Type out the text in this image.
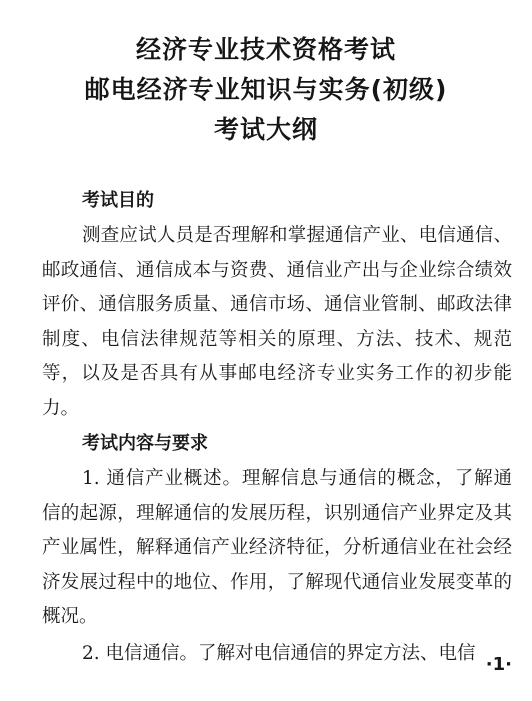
经济专业技术资格考试
邮电经济专业知识与实务(初级)
考试大纲
考试目的

测查应试人员是否理解和掌握通信产业、电信通信、邮政通信、通信成本与资费、通信业产出与企业综合绩效评价、通信服务质量、通信市场、通信业管制、邮政法律制度、电信法律规范等相关的原理、方法、技术、规范等，以及是否具有从事邮电经济专业实务工作的初步能力。

考试内容与要求

1. 通信产业概述。理解信息与通信的概念，了解通信的起源，理解通信的发展历程，识别通信产业界定及其产业属性，解释通信产业经济特征，分析通信业在社会经济发展过程中的地位、作用，了解现代通信业发展变革的概况。

2. 电信通信。了解对电信通信的界定方法、电信

·1·
